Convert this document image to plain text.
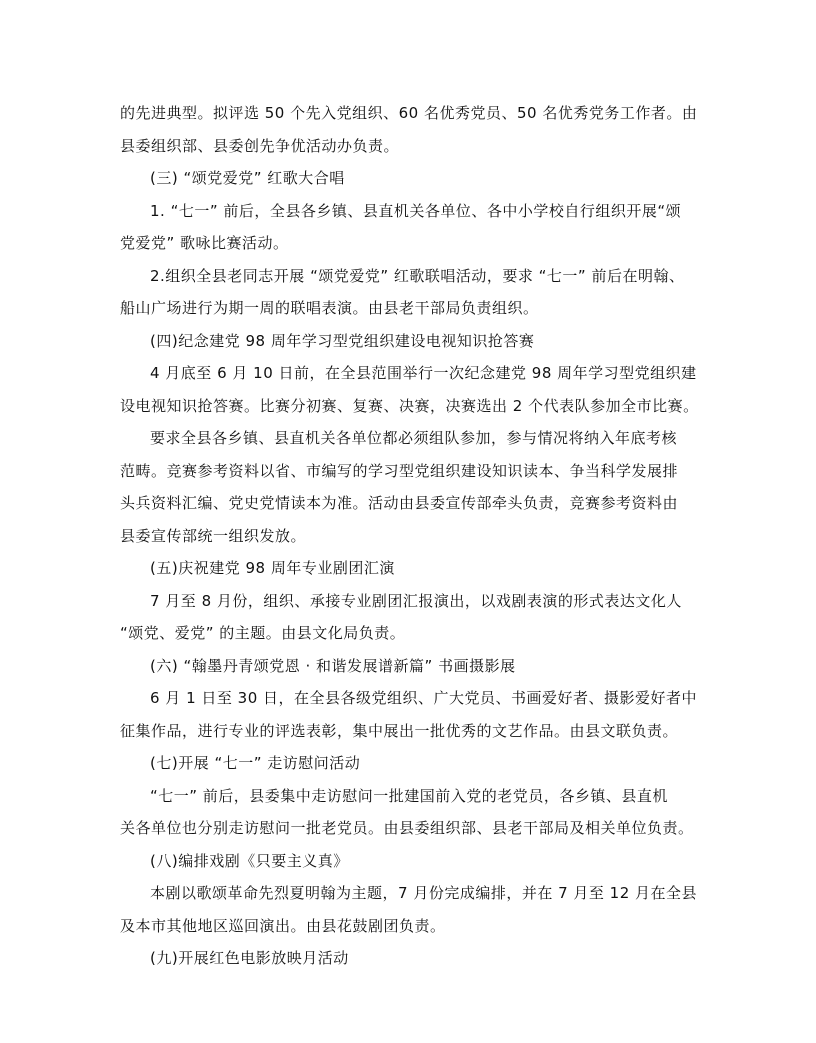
的先进典型。拟评选 50 个先入党组织、60 名优秀党员、50 名优秀党务工作者。由
县委组织部、县委创先争优活动办负责。
(三) “颂党爱党” 红歌大合唱
1. “七一” 前后，全县各乡镇、县直机关各单位、各中小学校自行组织开展“颂
党爱党” 歌咏比赛活动。
2.组织全县老同志开展 “颂党爱党” 红歌联唱活动，要求 “七一” 前后在明翰、
船山广场进行为期一周的联唱表演。由县老干部局负责组织。
(四)纪念建党 98 周年学习型党组织建设电视知识抢答赛
4 月底至 6 月 10 日前，在全县范围举行一次纪念建党 98 周年学习型党组织建
设电视知识抢答赛。比赛分初赛、复赛、决赛，决赛选出 2 个代表队参加全市比赛。
要求全县各乡镇、县直机关各单位都必须组队参加，参与情况将纳入年底考核
范畴。竞赛参考资料以省、市编写的学习型党组织建设知识读本、争当科学发展排
头兵资料汇编、党史党情读本为准。活动由县委宣传部牵头负责，竞赛参考资料由
县委宣传部统一组织发放。
(五)庆祝建党 98 周年专业剧团汇演
7 月至 8 月份，组织、承接专业剧团汇报演出，以戏剧表演的形式表达文化人
“颂党、爱党” 的主题。由县文化局负责。
(六) “翰墨丹青颂党恩 · 和谐发展谱新篇” 书画摄影展
6 月 1 日至 30 日，在全县各级党组织、广大党员、书画爱好者、摄影爱好者中
征集作品，进行专业的评选表彰，集中展出一批优秀的文艺作品。由县文联负责。
(七)开展 “七一” 走访慰问活动
“七一” 前后，县委集中走访慰问一批建国前入党的老党员，各乡镇、县直机
关各单位也分别走访慰问一批老党员。由县委组织部、县老干部局及相关单位负责。
(八)编排戏剧《只要主义真》
本剧以歌颂革命先烈夏明翰为主题，7 月份完成编排，并在 7 月至 12 月在全县
及本市其他地区巡回演出。由县花鼓剧团负责。
(九)开展红色电影放映月活动
